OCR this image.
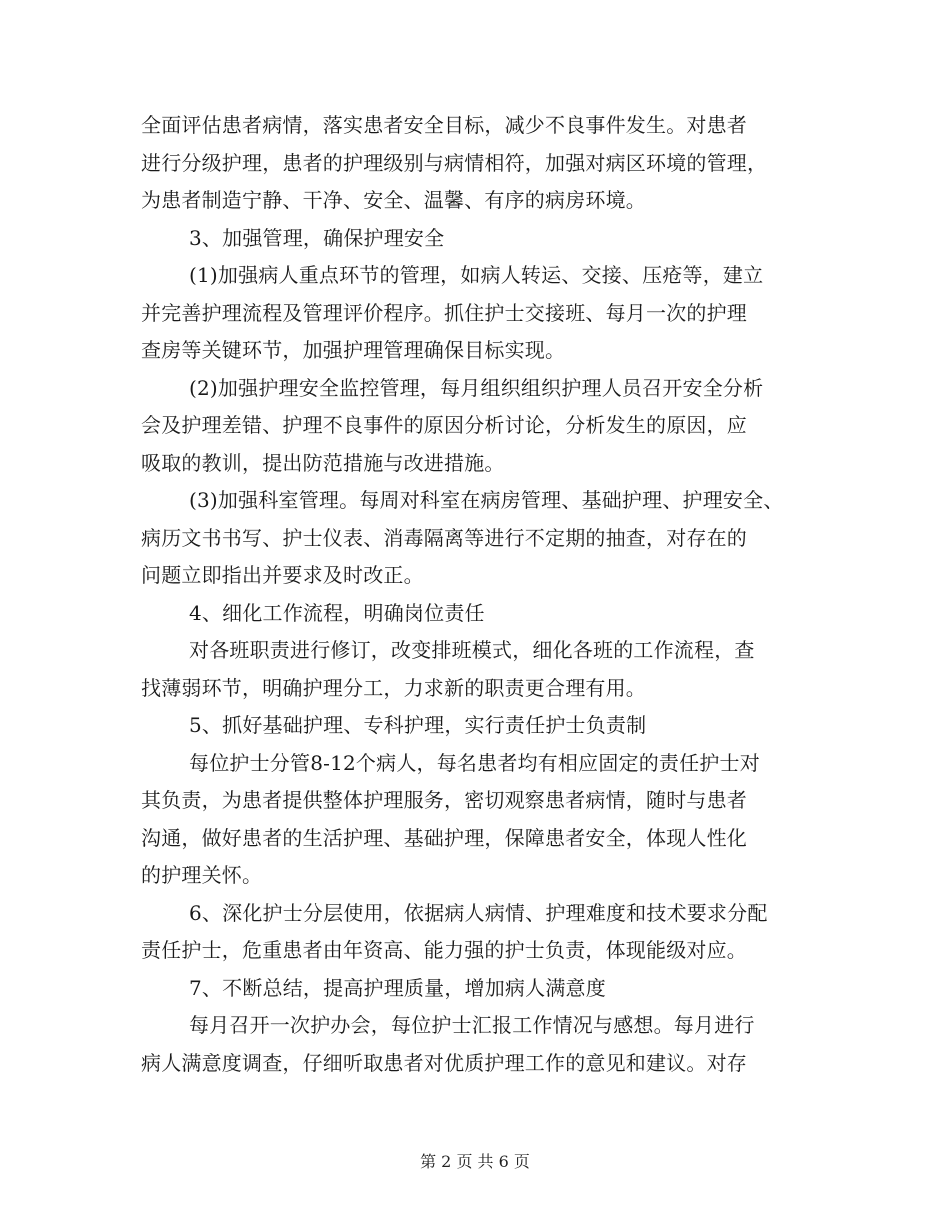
全面评估患者病情，落实患者安全目标，减少不良事件发生。对患者
进行分级护理，患者的护理级别与病情相符，加强对病区环境的管理，
为患者制造宁静、干净、安全、温馨、有序的病房环境。
3、加强管理，确保护理安全
(1)加强病人重点环节的管理，如病人转运、交接、压疮等，建立
并完善护理流程及管理评价程序。抓住护士交接班、每月一次的护理
查房等关键环节，加强护理管理确保目标实现。
(2)加强护理安全监控管理，每月组织组织护理人员召开安全分析
会及护理差错、护理不良事件的原因分析讨论，分析发生的原因，应
吸取的教训，提出防范措施与改进措施。
(3)加强科室管理。每周对科室在病房管理、基础护理、护理安全、
病历文书书写、护士仪表、消毒隔离等进行不定期的抽查，对存在的
问题立即指出并要求及时改正。
4、细化工作流程，明确岗位责任
对各班职责进行修订，改变排班模式，细化各班的工作流程，查
找薄弱环节，明确护理分工，力求新的职责更合理有用。
5、抓好基础护理、专科护理，实行责任护士负责制
每位护士分管8-12个病人，每名患者均有相应固定的责任护士对
其负责，为患者提供整体护理服务，密切观察患者病情，随时与患者
沟通，做好患者的生活护理、基础护理，保障患者安全，体现人性化
的护理关怀。
6、深化护士分层使用，依据病人病情、护理难度和技术要求分配
责任护士，危重患者由年资高、能力强的护士负责，体现能级对应。
7、不断总结，提高护理质量，增加病人满意度
每月召开一次护办会，每位护士汇报工作情况与感想。每月进行
病人满意度调查，仔细听取患者对优质护理工作的意见和建议。对存
第 2 页 共 6 页
